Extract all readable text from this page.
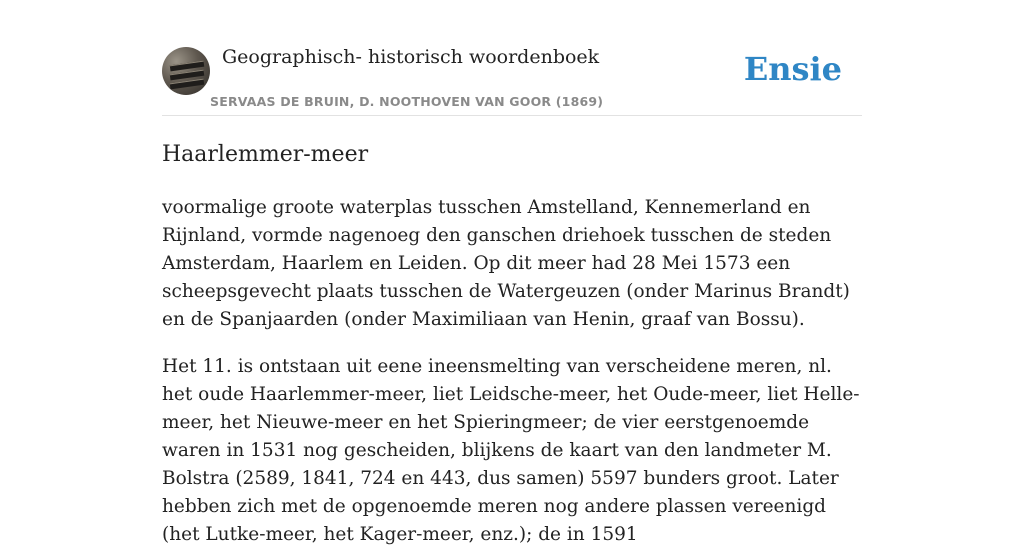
Geographisch- historisch woordenboek
SERVAAS DE BRUIN, D. NOOTHOVEN VAN GOOR (1869)
Ensie
Haarlemmer-meer

voormalige groote waterplas tusschen Amstelland, Kennemerland en Rijnland, vormde nagenoeg den ganschen driehoek tusschen de steden Amsterdam, Haarlem en Leiden. Op dit meer had 28 Mei 1573 een scheepsgevecht plaats tusschen de Watergeuzen (onder Marinus Brandt) en de Spanjaarden (onder Maximiliaan van Henin, graaf van Bossu).

Het 11. is ontstaan uit eene ineensmelting van verscheidene meren, nl. het oude Haarlemmer-meer, liet Leidsche-meer, het Oude-meer, liet Helle-meer, het Nieuwe-meer en het Spieringmeer; de vier eerstgenoemde waren in 1531 nog gescheiden, blijkens de kaart van den landmeter M. Bolstra (2589, 1841, 724 en 443, dus samen) 5597 bunders groot. Later hebben zich met de opgenoemde meren nog andere plassen vereenigd (het Lutke-meer, het Kager-meer, enz.); de in 1591
